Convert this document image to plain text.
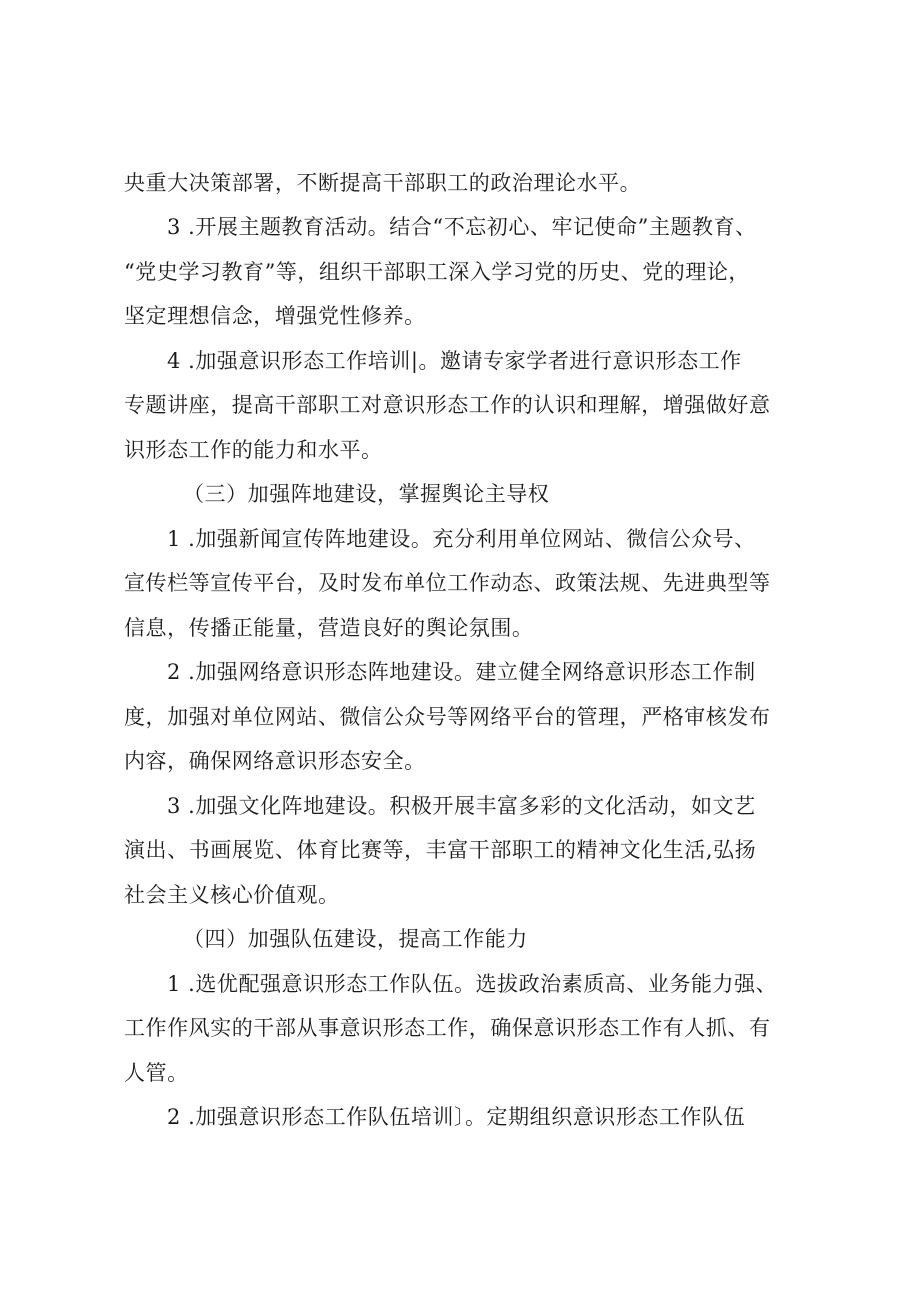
央重大决策部署，不断提高干部职工的政治理论水平。
3 .开展主题教育活动。结合“不忘初心、牢记使命”主题教育、
“党史学习教育”等，组织干部职工深入学习党的历史、党的理论，
坚定理想信念，增强党性修养。
4 .加强意识形态工作培训|。邀请专家学者进行意识形态工作
专题讲座，提高干部职工对意识形态工作的认识和理解，增强做好意
识形态工作的能力和水平。
（三）加强阵地建设，掌握舆论主导权
1 .加强新闻宣传阵地建设。充分利用单位网站、微信公众号、
宣传栏等宣传平台，及时发布单位工作动态、政策法规、先进典型等
信息，传播正能量，营造良好的舆论氛围。
2 .加强网络意识形态阵地建设。建立健全网络意识形态工作制
度，加强对单位网站、微信公众号等网络平台的管理，严格审核发布
内容，确保网络意识形态安全。
3 .加强文化阵地建设。积极开展丰富多彩的文化活动，如文艺
演出、书画展览、体育比赛等，丰富干部职工的精神文化生活,弘扬
社会主义核心价值观。
（四）加强队伍建设，提高工作能力
1 .选优配强意识形态工作队伍。选拔政治素质高、业务能力强、
工作作风实的干部从事意识形态工作，确保意识形态工作有人抓、有
人管。
2 .加强意识形态工作队伍培训〕。定期组织意识形态工作队伍
